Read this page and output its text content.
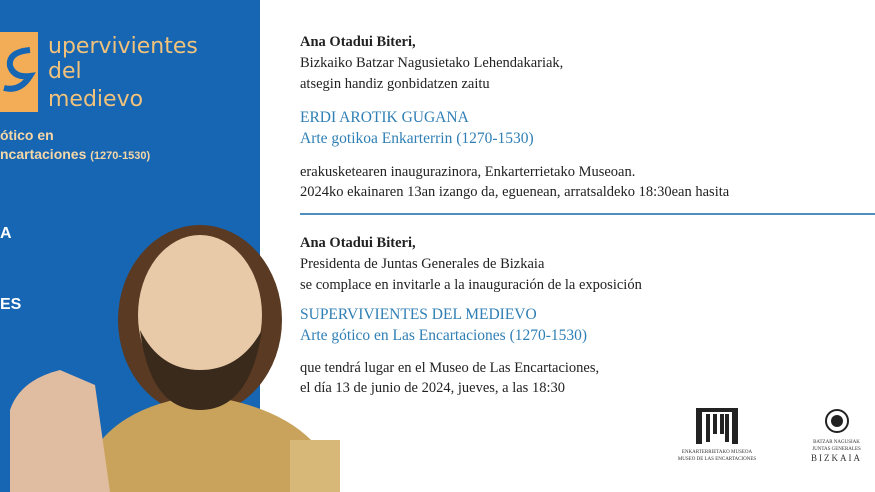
upervivientes
del
medievo
ótico en
ncartaciones (1270-1530)
A
ES
Ana Otadui Biteri,
Bizkaiko Batzar Nagusietako Lehendakariak,
atsegin handiz gonbidatzen zaitu
ERDI AROTIK GUGANA
Arte gotikoa Enkarterrin (1270-1530)
erakusketearen inaugurazinora, Enkarterrietako Museoan.
2024ko ekainaren 13an izango da, eguenean, arratsaldeko 18:30ean hasita
Ana Otadui Biteri,
Presidenta de Juntas Generales de Bizkaia
se complace en invitarle a la inauguración de la exposición
SUPERVIVIENTES DEL MEDIEVO
Arte gótico en Las Encartaciones (1270-1530)
que tendrá lugar en el Museo de Las Encartaciones,
el día 13 de junio de 2024, jueves, a las 18:30
ENKARTERRIETAKO MUSEOA
MUSEO DE LAS ENCARTACIONES
BATZAR NAGUSIAK
JUNTAS GENERALES
BIZKAIA
